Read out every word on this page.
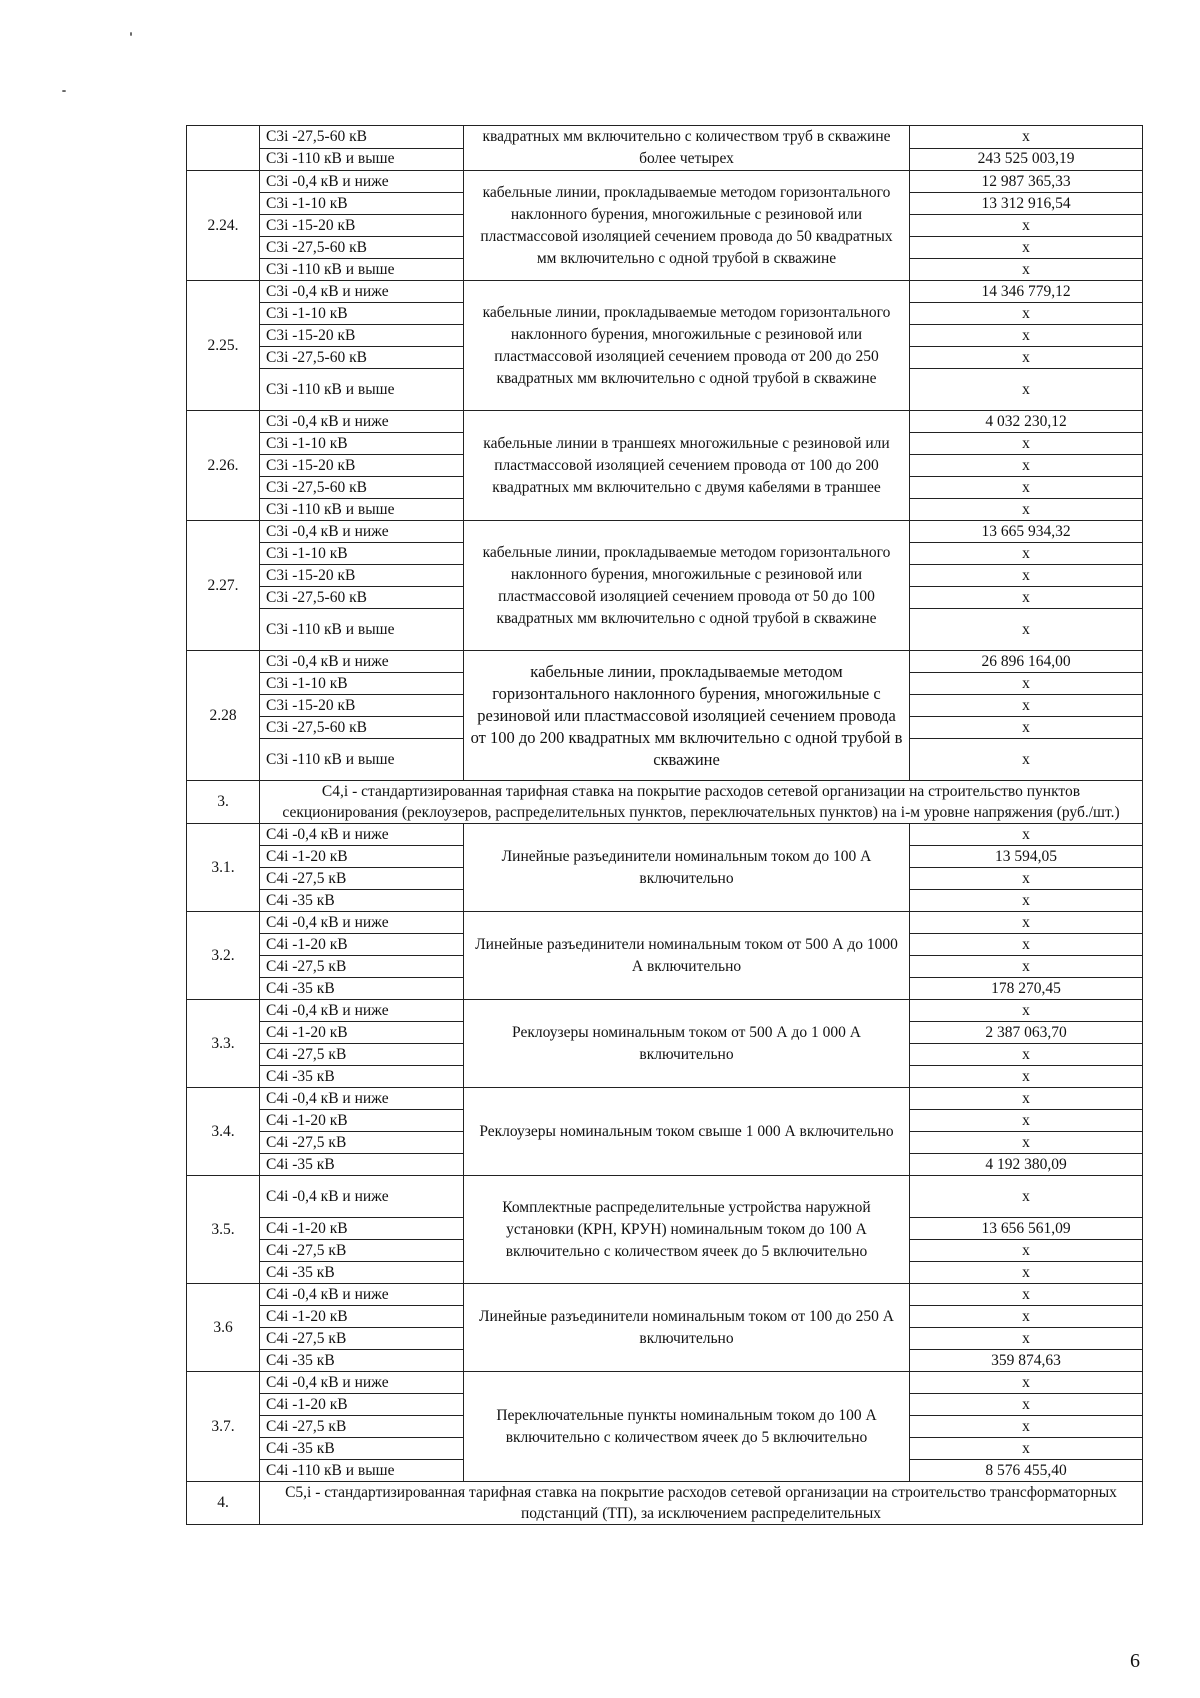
	С3i -27,5-60 кВ	квадратных мм включительно с количеством труб в скважине более четырех	x
	С3i -110 кВ и выше		243 525 003,19
2.24.	С3i -0,4 кВ и ниже	кабельные линии, прокладываемые методом горизонтального наклонного бурения, многожильные с резиновой или пластмассовой изоляцией сечением провода до 50 квадратных мм включительно с одной трубой в скважине	12 987 365,33
	С3i -1-10 кВ		13 312 916,54
	С3i -15-20 кВ		x
	С3i -27,5-60 кВ		x
	С3i -110 кВ и выше		x
2.25.	С3i -0,4 кВ и ниже	кабельные линии, прокладываемые методом горизонтального наклонного бурения, многожильные с резиновой или пластмассовой изоляцией сечением провода от 200 до 250 квадратных мм включительно с одной трубой в скважине	14 346 779,12
	С3i -1-10 кВ		x
	С3i -15-20 кВ		x
	С3i -27,5-60 кВ		x
	С3i -110 кВ и выше		x
2.26.	С3i -0,4 кВ и ниже	кабельные линии в траншеях многожильные с резиновой или пластмассовой изоляцией сечением провода от 100 до 200 квадратных мм включительно с двумя кабелями в траншее	4 032 230,12
	С3i -1-10 кВ		x
	С3i -15-20 кВ		x
	С3i -27,5-60 кВ		x
	С3i -110 кВ и выше		x
2.27.	С3i -0,4 кВ и ниже	кабельные линии, прокладываемые методом горизонтального наклонного бурения, многожильные с резиновой или пластмассовой изоляцией сечением провода от 50 до 100 квадратных мм включительно с одной трубой в скважине	13 665 934,32
	С3i -1-10 кВ		x
	С3i -15-20 кВ		x
	С3i -27,5-60 кВ		x
	С3i -110 кВ и выше		x
2.28	С3i -0,4 кВ и ниже	кабельные линии, прокладываемые методом горизонтального наклонного бурения, многожильные с резиновой или пластмассовой изоляцией сечением провода от 100 до 200 квадратных мм включительно с одной трубой в скважине	26 896 164,00
	С3i -1-10 кВ		x
	С3i -15-20 кВ		x
	С3i -27,5-60 кВ		x
	С3i -110 кВ и выше		x
3.	С4,i - стандартизированная тарифная ставка на покрытие расходов сетевой организации на строительство пунктов секционирования (реклоузеров, распределительных пунктов, переключательных пунктов) на i-м уровне напряжения (руб./шт.)		
3.1.	С4i -0,4 кВ и ниже	Линейные разъединители номинальным током до 100 А включительно	x
	С4i -1-20 кВ		13 594,05
	С4i -27,5 кВ		x
	С4i -35 кВ		x
3.2.	С4i -0,4 кВ и ниже	Линейные разъединители номинальным током от 500 А до 1000 А включительно	x
	С4i -1-20 кВ		x
	С4i -27,5 кВ		x
	С4i -35 кВ		178 270,45
3.3.	С4i -0,4 кВ и ниже	Реклоузеры номинальным током от 500 А до 1 000 А включительно	x
	С4i -1-20 кВ		2 387 063,70
	С4i -27,5 кВ		x
	С4i -35 кВ		x
3.4.	С4i -0,4 кВ и ниже	Реклоузеры номинальным током свыше 1 000 А включительно	x
	С4i -1-20 кВ		x
	С4i -27,5 кВ		x
	С4i -35 кВ		4 192 380,09
3.5.	С4i -0,4 кВ и ниже	Комплектные распределительные устройства наружной установки (КРН, КРУН) номинальным током до 100 А включительно с количеством ячеек до 5 включительно	x
	С4i -1-20 кВ		13 656 561,09
	С4i -27,5 кВ		x
	С4i -35 кВ		x
3.6	С4i -0,4 кВ и ниже	Линейные разъединители номинальным током от 100 до 250 А включительно	x
	С4i -1-20 кВ		x
	С4i -27,5 кВ		x
	С4i -35 кВ		359 874,63
3.7.	С4i -0,4 кВ и ниже	Переключательные пункты номинальным током до 100 А включительно с количеством ячеек до 5 включительно	x
	С4i -1-20 кВ		x
	С4i -27,5 кВ		x
	С4i -35 кВ		x
	С4i -110 кВ и выше		8 576 455,40
4.	С5,i - стандартизированная тарифная ставка на покрытие расходов сетевой организации на строительство трансформаторных подстанций (ТП), за исключением распределительных		
6
